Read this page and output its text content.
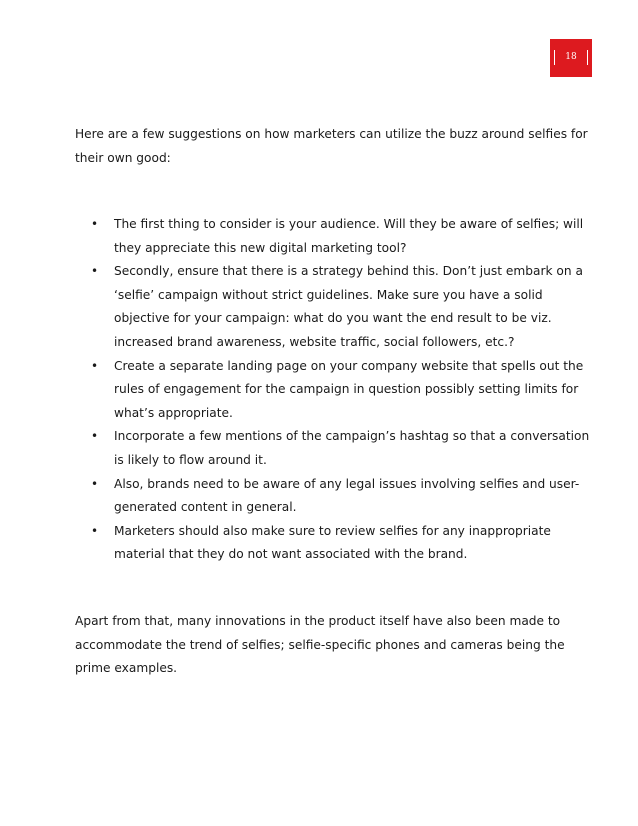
18

Here are a few suggestions on how marketers can utilize the buzz around selfies for their own good:

• The first thing to consider is your audience. Will they be aware of selfies; will they appreciate this new digital marketing tool?
• Secondly, ensure that there is a strategy behind this. Don’t just embark on a ‘selfie’ campaign without strict guidelines. Make sure you have a solid objective for your campaign: what do you want the end result to be viz. increased brand awareness, website traffic, social followers, etc.?
• Create a separate landing page on your company website that spells out the rules of engagement for the campaign in question possibly setting limits for what’s appropriate.
• Incorporate a few mentions of the campaign’s hashtag so that a conversation is likely to flow around it.
• Also, brands need to be aware of any legal issues involving selfies and user-generated content in general.
• Marketers should also make sure to review selfies for any inappropriate material that they do not want associated with the brand.

Apart from that, many innovations in the product itself have also been made to accommodate the trend of selfies; selfie-specific phones and cameras being the prime examples.
